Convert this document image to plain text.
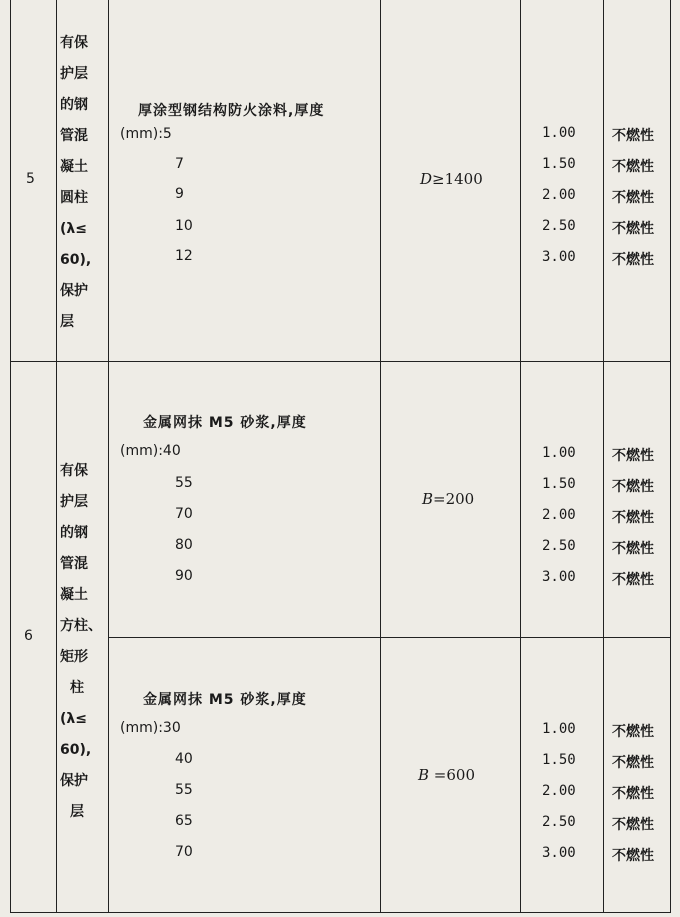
5
有保
护层
的钢
管混
凝土
圆柱
(λ≤
60),
保护
层
厚涂型钢结构防火涂料,厚度
(mm):5
7
9
10
12
D≥1400
1.00
1.50
2.00
2.50
3.00
不燃性
不燃性
不燃性
不燃性
不燃性
6
有保
护层
的钢
管混
凝土
方柱、
矩形
柱
(λ≤
60),
保护
层
金属网抹 M5 砂浆,厚度
(mm):40
55
70
80
90
B=200
1.00
1.50
2.00
2.50
3.00
不燃性
不燃性
不燃性
不燃性
不燃性
金属网抹 M5 砂浆,厚度
(mm):30
40
55
65
70
B =600
1.00
1.50
2.00
2.50
3.00
不燃性
不燃性
不燃性
不燃性
不燃性
